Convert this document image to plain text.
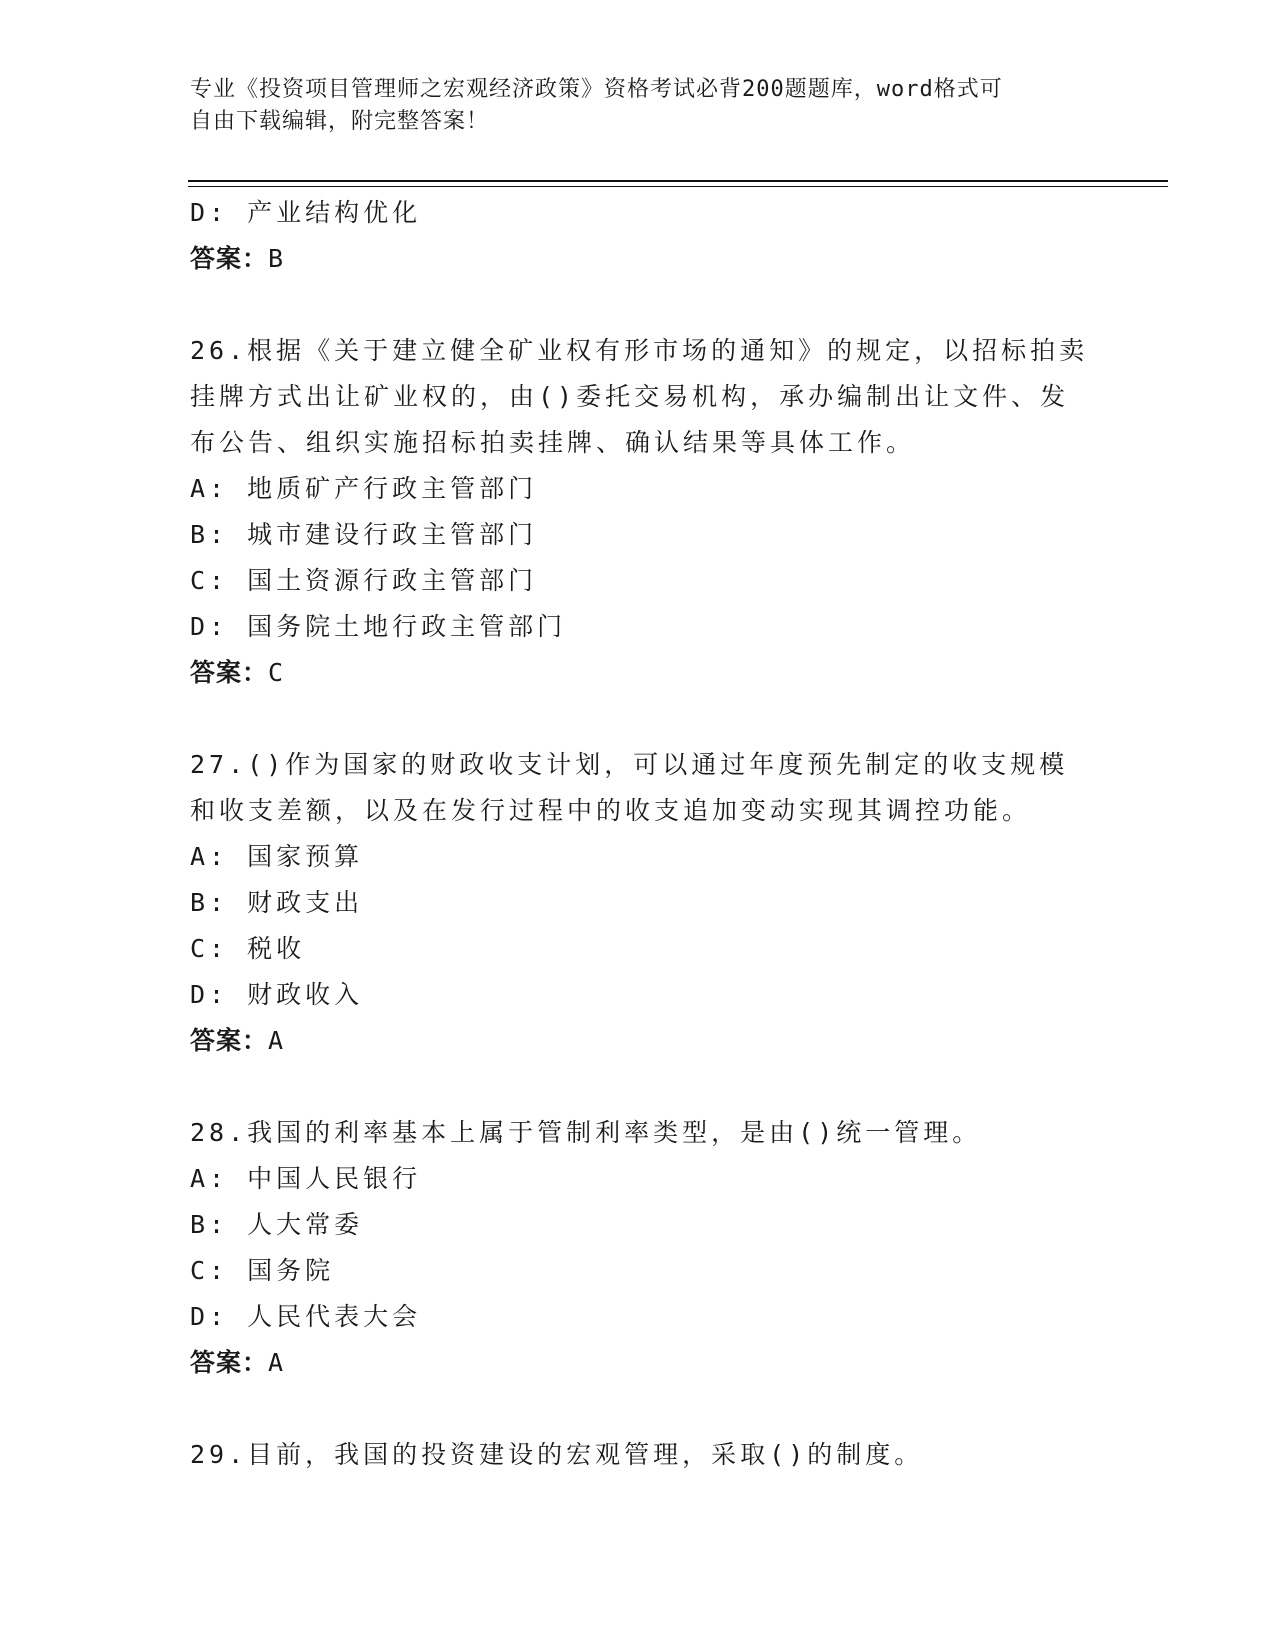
专业《投资项目管理师之宏观经济政策》资格考试必背200题题库，word格式可
自由下载编辑，附完整答案！
D: 产业结构优化
答案：B
26.根据《关于建立健全矿业权有形市场的通知》的规定，以招标拍卖挂牌方式出让矿业权的，由()委托交易机构，承办编制出让文件、发布公告、组织实施招标拍卖挂牌、确认结果等具体工作。
A: 地质矿产行政主管部门
B: 城市建设行政主管部门
C: 国土资源行政主管部门
D: 国务院土地行政主管部门
答案：C
27.()作为国家的财政收支计划，可以通过年度预先制定的收支规模和收支差额，以及在发行过程中的收支追加变动实现其调控功能。
A: 国家预算
B: 财政支出
C: 税收
D: 财政收入
答案：A
28.我国的利率基本上属于管制利率类型，是由()统一管理。
A: 中国人民银行
B: 人大常委
C: 国务院
D: 人民代表大会
答案：A
29.目前，我国的投资建设的宏观管理，采取()的制度。
